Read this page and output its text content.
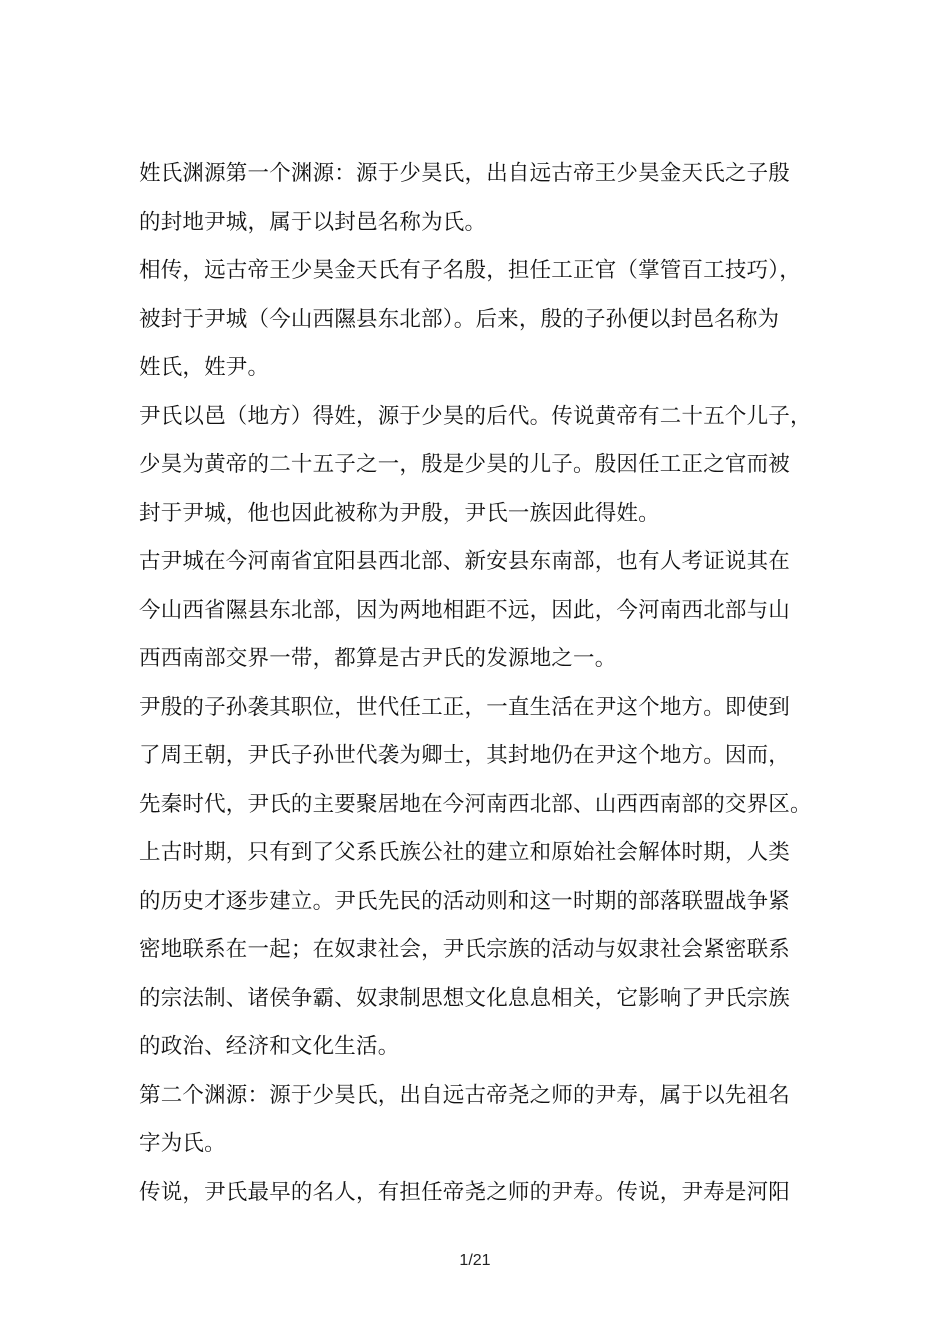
姓氏渊源第一个渊源：源于少昊氏，出自远古帝王少昊金天氏之子殷
的封地尹城，属于以封邑名称为氏。
相传，远古帝王少昊金天氏有子名殷，担任工正官（掌管百工技巧），
被封于尹城（今山西隰县东北部）。后来，殷的子孙便以封邑名称为
姓氏，姓尹。
尹氏以邑（地方）得姓，源于少昊的后代。传说黄帝有二十五个儿子，
少昊为黄帝的二十五子之一，殷是少昊的儿子。殷因任工正之官而被
封于尹城，他也因此被称为尹殷，尹氏一族因此得姓。
古尹城在今河南省宜阳县西北部、新安县东南部，也有人考证说其在
今山西省隰县东北部，因为两地相距不远，因此，今河南西北部与山
西西南部交界一带，都算是古尹氏的发源地之一。
尹殷的子孙袭其职位，世代任工正，一直生活在尹这个地方。即使到
了周王朝，尹氏子孙世代袭为卿士，其封地仍在尹这个地方。因而，
先秦时代，尹氏的主要聚居地在今河南西北部、山西西南部的交界区。
上古时期，只有到了父系氏族公社的建立和原始社会解体时期，人类
的历史才逐步建立。尹氏先民的活动则和这一时期的部落联盟战争紧
密地联系在一起；在奴隶社会，尹氏宗族的活动与奴隶社会紧密联系
的宗法制、诸侯争霸、奴隶制思想文化息息相关，它影响了尹氏宗族
的政治、经济和文化生活。
第二个渊源：源于少昊氏，出自远古帝尧之师的尹寿，属于以先祖名
字为氏。
传说，尹氏最早的名人，有担任帝尧之师的尹寿。传说，尹寿是河阳
1/21
